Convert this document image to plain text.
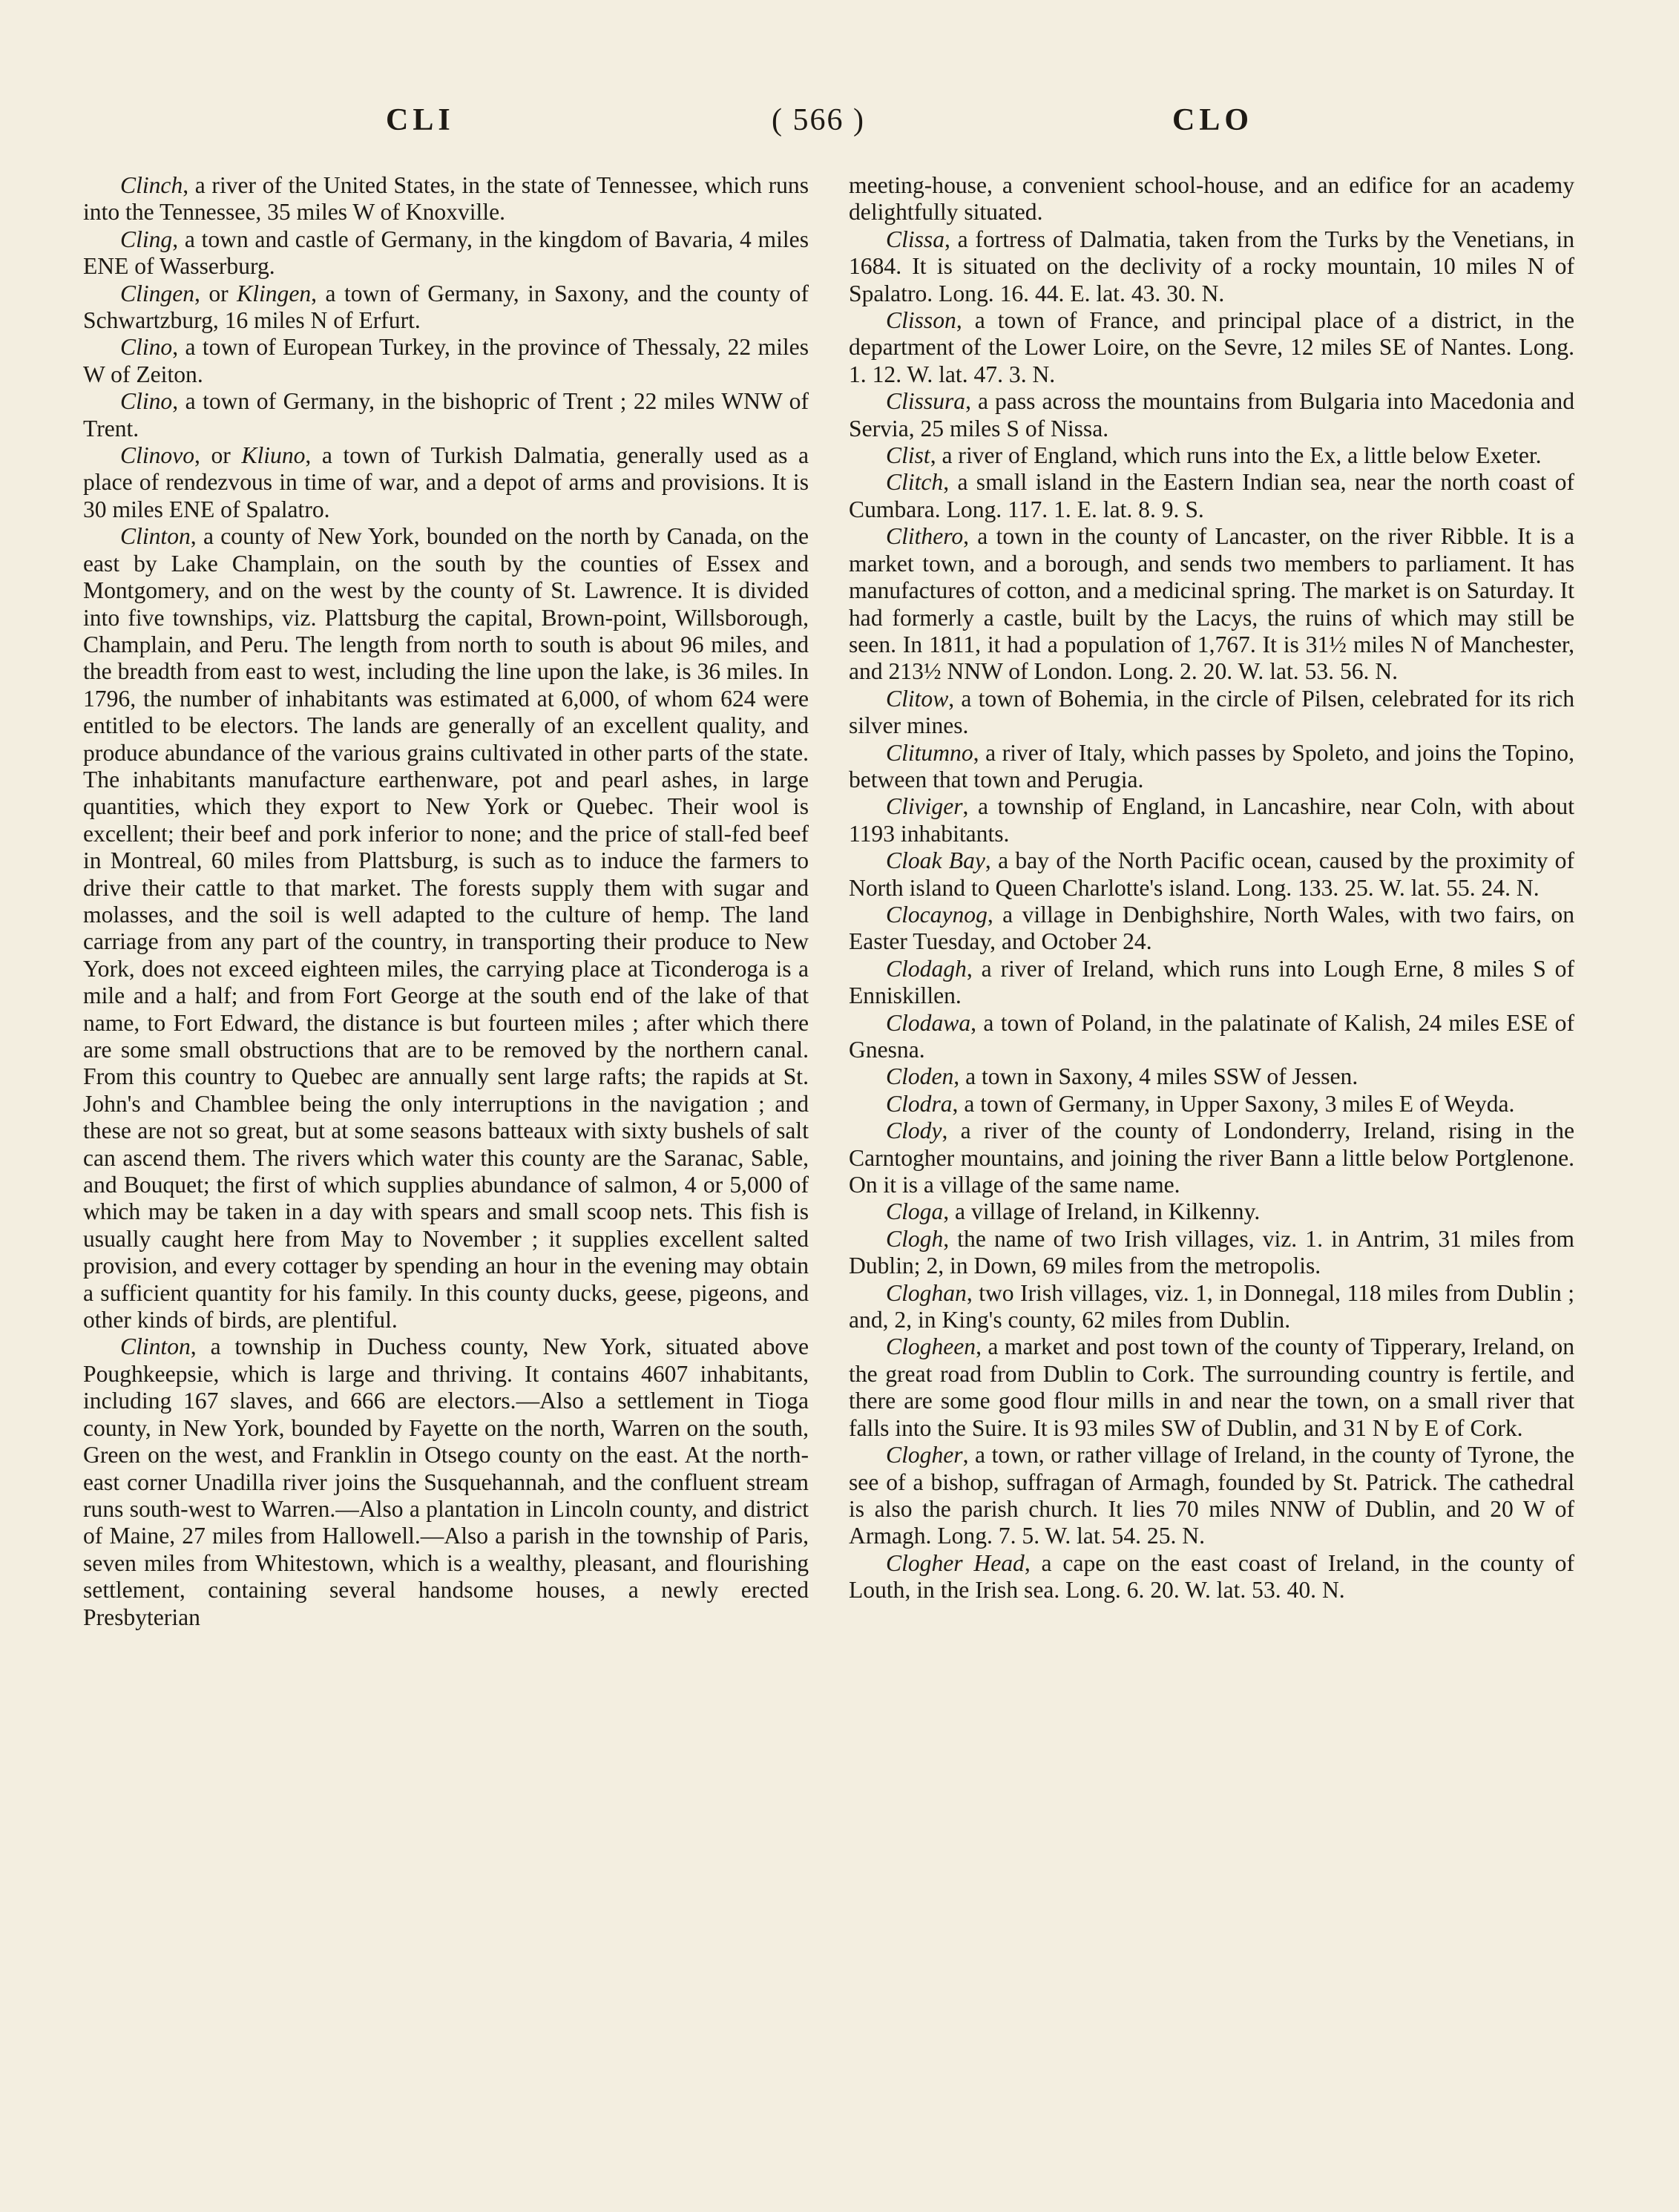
CLI	( 566 )	CLO

Clinch, a river of the United States, in the state of Tennessee, which runs into the Tennessee, 35 miles W of Knoxville.

Cling, a town and castle of Germany, in the kingdom of Bavaria, 4 miles ENE of Wasserburg.

Clingen, or Klingen, a town of Germany, in Saxony, and the county of Schwartzburg, 16 miles N of Erfurt.

Clino, a town of European Turkey, in the province of Thessaly, 22 miles W of Zeiton.

Clino, a town of Germany, in the bishopric of Trent ; 22 miles WNW of Trent.

Clinovo, or Kliuno, a town of Turkish Dalmatia, generally used as a place of rendezvous in time of war, and a depot of arms and provisions. It is 30 miles ENE of Spalatro.

Clinton, a county of New York, bounded on the north by Canada, on the east by Lake Champlain, on the south by the counties of Essex and Montgomery, and on the west by the county of St. Lawrence. It is divided into five townships, viz. Plattsburg the capital, Brown-point, Willsborough, Champlain, and Peru. The length from north to south is about 96 miles, and the breadth from east to west, including the line upon the lake, is 36 miles. In 1796, the number of inhabitants was estimated at 6,000, of whom 624 were entitled to be electors. The lands are generally of an excellent quality, and produce abundance of the various grains cultivated in other parts of the state. The inhabitants manufacture earthenware, pot and pearl ashes, in large quantities, which they export to New York or Quebec. Their wool is excellent; their beef and pork inferior to none; and the price of stall-fed beef in Montreal, 60 miles from Plattsburg, is such as to induce the farmers to drive their cattle to that market. The forests supply them with sugar and molasses, and the soil is well adapted to the culture of hemp. The land carriage from any part of the country, in transporting their produce to New York, does not exceed eighteen miles, the carrying place at Ticonderoga is a mile and a half; and from Fort George at the south end of the lake of that name, to Fort Edward, the distance is but fourteen miles ; after which there are some small obstructions that are to be removed by the northern canal. From this country to Quebec are annually sent large rafts; the rapids at St. John's and Chamblee being the only interruptions in the navigation ; and these are not so great, but at some seasons batteaux with sixty bushels of salt can ascend them. The rivers which water this county are the Saranac, Sable, and Bouquet; the first of which supplies abundance of salmon, 4 or 5,000 of which may be taken in a day with spears and small scoop nets. This fish is usually caught here from May to November ; it supplies excellent salted provision, and every cottager by spending an hour in the evening may obtain a sufficient quantity for his family. In this county ducks, geese, pigeons, and other kinds of birds, are plentiful.

Clinton, a township in Duchess county, New York, situated above Poughkeepsie, which is large and thriving. It contains 4607 inhabitants, including 167 slaves, and 666 are electors.—Also a settlement in Tioga county, in New York, bounded by Fayette on the north, Warren on the south, Green on the west, and Franklin in Otsego county on the east. At the north-east corner Unadilla river joins the Susquehannah, and the confluent stream runs south-west to Warren.—Also a plantation in Lincoln county, and district of Maine, 27 miles from Hallowell.—Also a parish in the township of Paris, seven miles from Whitestown, which is a wealthy, pleasant, and flourishing settlement, containing several handsome houses, a newly erected Presbyterian

meeting-house, a convenient school-house, and an edifice for an academy delightfully situated.

Clissa, a fortress of Dalmatia, taken from the Turks by the Venetians, in 1684. It is situated on the declivity of a rocky mountain, 10 miles N of Spalatro. Long. 16. 44. E. lat. 43. 30. N.

Clisson, a town of France, and principal place of a district, in the department of the Lower Loire, on the Sevre, 12 miles SE of Nantes. Long. 1. 12. W. lat. 47. 3. N.

Clissura, a pass across the mountains from Bulgaria into Macedonia and Servia, 25 miles S of Nissa.

Clist, a river of England, which runs into the Ex, a little below Exeter.

Clitch, a small island in the Eastern Indian sea, near the north coast of Cumbara. Long. 117. 1. E. lat. 8. 9. S.

Clithero, a town in the county of Lancaster, on the river Ribble. It is a market town, and a borough, and sends two members to parliament. It has manufactures of cotton, and a medicinal spring. The market is on Saturday. It had formerly a castle, built by the Lacys, the ruins of which may still be seen. In 1811, it had a population of 1,767. It is 31½ miles N of Manchester, and 213½ NNW of London. Long. 2. 20. W. lat. 53. 56. N.

Clitow, a town of Bohemia, in the circle of Pilsen, celebrated for its rich silver mines.

Clitumno, a river of Italy, which passes by Spoleto, and joins the Topino, between that town and Perugia.

Cliviger, a township of England, in Lancashire, near Coln, with about 1193 inhabitants.

Cloak Bay, a bay of the North Pacific ocean, caused by the proximity of North island to Queen Charlotte's island. Long. 133. 25. W. lat. 55. 24. N.

Clocaynog, a village in Denbighshire, North Wales, with two fairs, on Easter Tuesday, and October 24.

Clodagh, a river of Ireland, which runs into Lough Erne, 8 miles S of Enniskillen.

Clodawa, a town of Poland, in the palatinate of Kalish, 24 miles ESE of Gnesna.

Cloden, a town in Saxony, 4 miles SSW of Jessen.

Clodra, a town of Germany, in Upper Saxony, 3 miles E of Weyda.

Clody, a river of the county of Londonderry, Ireland, rising in the Carntogher mountains, and joining the river Bann a little below Portglenone. On it is a village of the same name.

Cloga, a village of Ireland, in Kilkenny.

Clogh, the name of two Irish villages, viz. 1. in Antrim, 31 miles from Dublin; 2, in Down, 69 miles from the metropolis.

Cloghan, two Irish villages, viz. 1, in Donnegal, 118 miles from Dublin ; and, 2, in King's county, 62 miles from Dublin.

Clogheen, a market and post town of the county of Tipperary, Ireland, on the great road from Dublin to Cork. The surrounding country is fertile, and there are some good flour mills in and near the town, on a small river that falls into the Suire. It is 93 miles SW of Dublin, and 31 N by E of Cork.

Clogher, a town, or rather village of Ireland, in the county of Tyrone, the see of a bishop, suffragan of Armagh, founded by St. Patrick. The cathedral is also the parish church. It lies 70 miles NNW of Dublin, and 20 W of Armagh. Long. 7. 5. W. lat. 54. 25. N.

Clogher Head, a cape on the east coast of Ireland, in the county of Louth, in the Irish sea. Long. 6. 20. W. lat. 53. 40. N.
